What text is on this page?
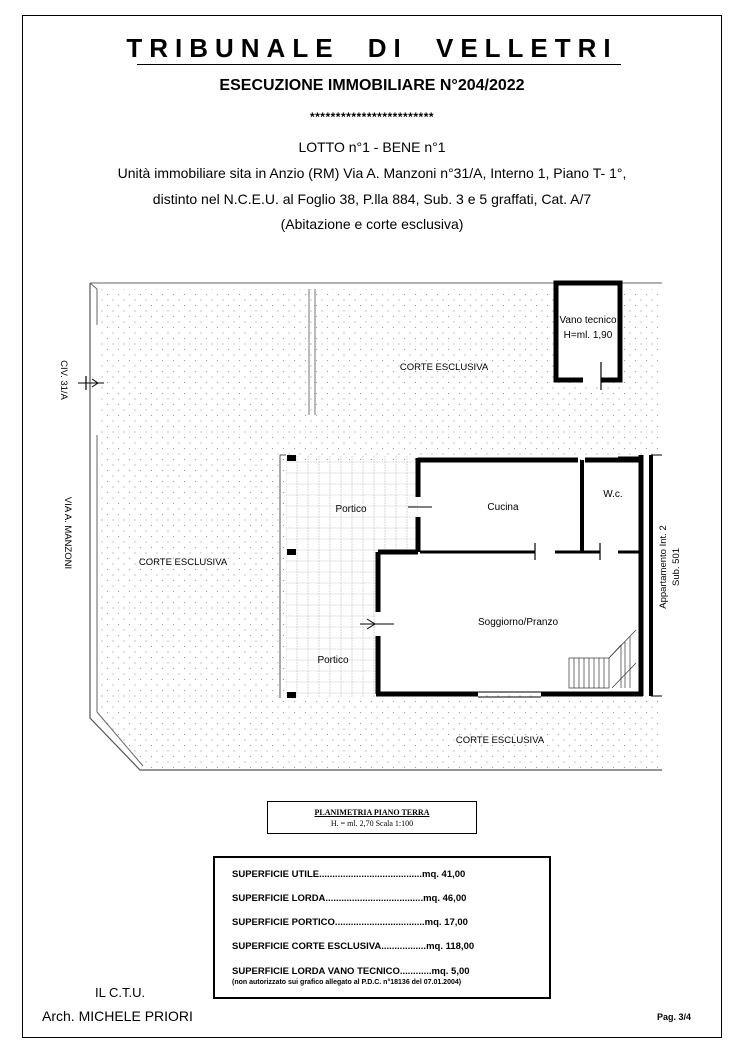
TRIBUNALE DI VELLETRI
ESECUZIONE IMMOBILIARE N°204/2022
************************
LOTTO n°1 - BENE n°1
Unità immobiliare sita in Anzio (RM) Via A. Manzoni n°31/A, Interno 1, Piano T- 1°,
distinto nel N.C.E.U. al Foglio 38, P.lla 884, Sub. 3 e 5 graffati, Cat. A/7
(Abitazione e corte esclusiva)
Vano tecnico
H=ml. 1,90
CORTE ESCLUSIVA
CORTE ESCLUSIVA
CORTE ESCLUSIVA
Portico
Portico
Cucina
W.c.
Soggiorno/Pranzo
CIV. 31/A
VIA A. MANZONI	Appartamento Int. 2 Sub. 501
PLANIMETRIA PIANO TERRA
H. = ml. 2,70 Scala 1:100
SUPERFICIE UTILE.......................................mq. 41,00
SUPERFICIE LORDA.....................................mq. 46,00
SUPERFICIE PORTICO..................................mq. 17,00
SUPERFICIE CORTE ESCLUSIVA.................mq. 118,00
SUPERFICIE LORDA VANO TECNICO............mq. 5,00
(non autorizzato sui grafico allegato al P.D.C. n°18136 del 07.01.2004)
IL C.T.U.
Arch. MICHELE PRIORI	Pag. 3/4
